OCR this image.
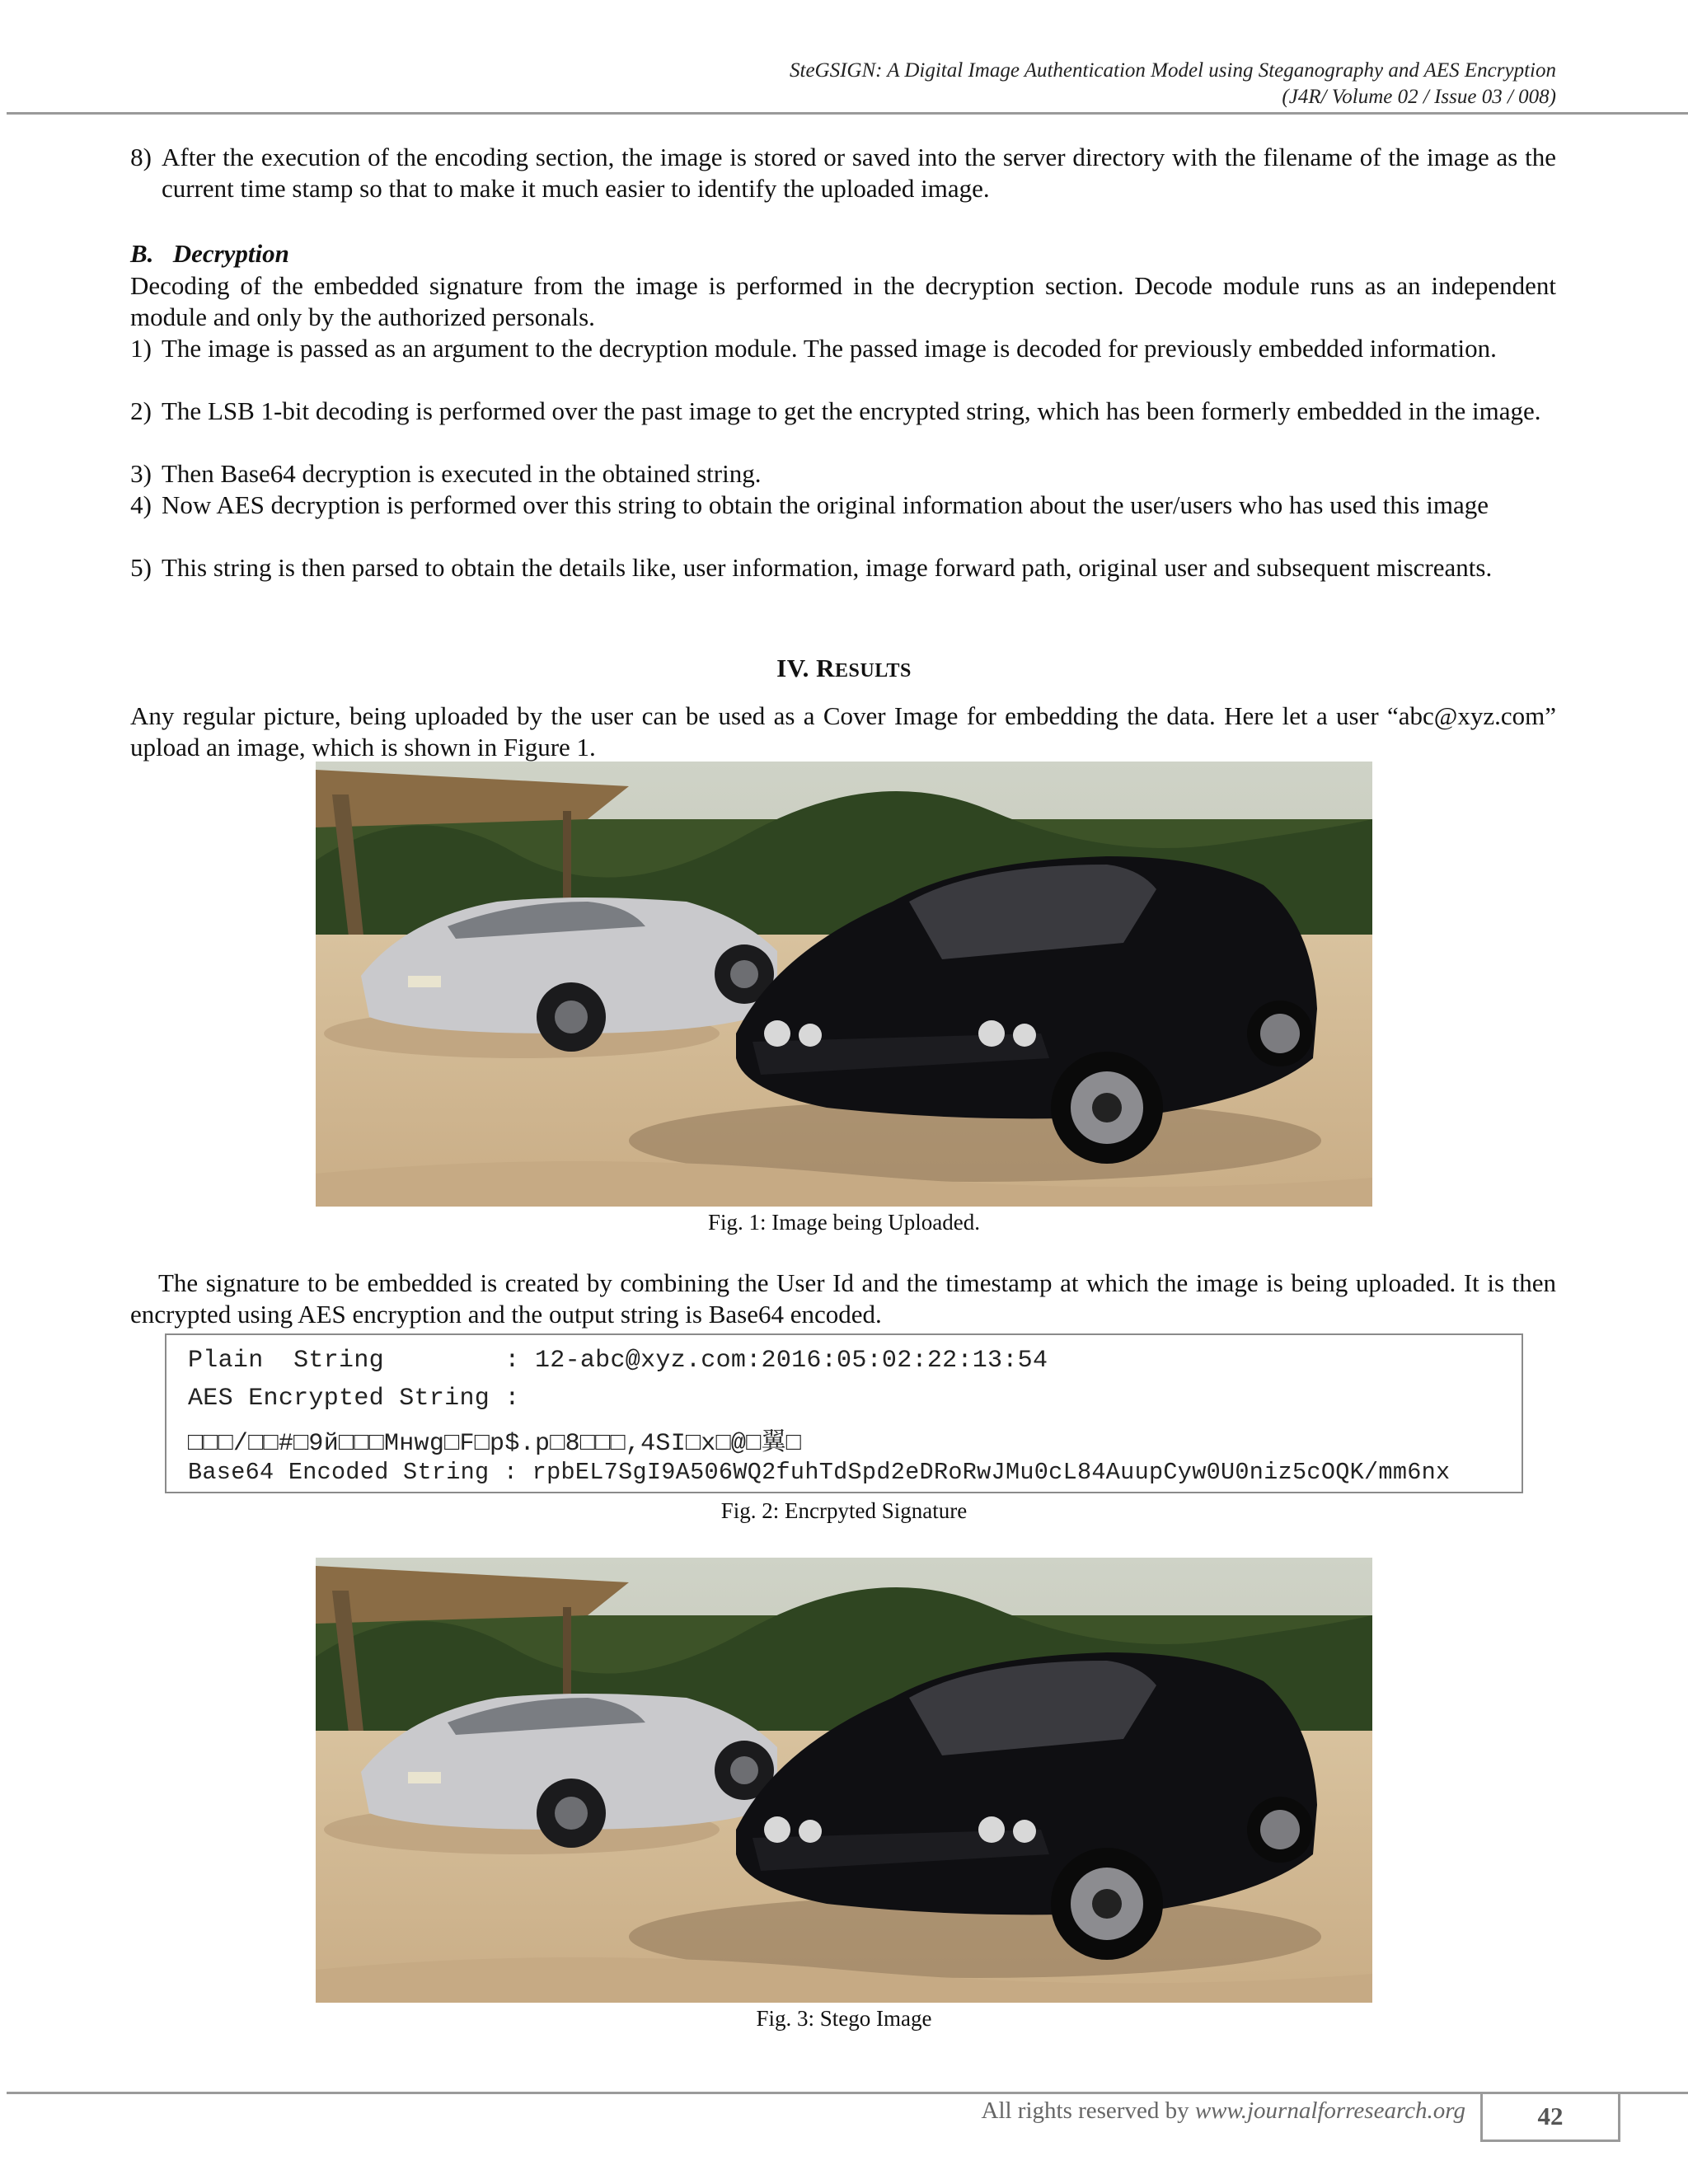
SteGSIGN: A Digital Image Authentication Model using Steganography and AES Encryption
(J4R/ Volume 02 / Issue 03 / 008)
8) After the execution of the encoding section, the image is stored or saved into the server directory with the filename of the image as the current time stamp so that to make it much easier to identify the uploaded image.
B. Decryption
Decoding of the embedded signature from the image is performed in the decryption section. Decode module runs as an independent module and only by the authorized personals.
1) The image is passed as an argument to the decryption module. The passed image is decoded for previously embedded information.
2) The LSB 1-bit decoding is performed over the past image to get the encrypted string, which has been formerly embedded in the image.
3) Then Base64 decryption is executed in the obtained string.
4) Now AES decryption is performed over this string to obtain the original information about the user/users who has used this image
5) This string is then parsed to obtain the details like, user information, image forward path, original user and subsequent miscreants.
IV. RESULTS
Any regular picture, being uploaded by the user can be used as a Cover Image for embedding the data. Here let a user “abc@xyz.com” upload an image, which is shown in Figure 1.
Fig. 1: Image being Uploaded.
The signature to be embedded is created by combining the User Id and the timestamp at which the image is being uploaded. It is then encrypted using AES encryption and the output string is Base64 encoded.
Plain  String        : 12-abc@xyz.com:2016:05:02:22:13:54
AES Encrypted String :
□□□/□□#□9й□□□Mнwg□F□p$.p□8□□□,4SI□x□@□翼□
Base64 Encoded String : rpbEL7SgI9A506WQ2fuhTdSpd2eDRoRwJMu0cL84AuupCyw0U0niz5cOQK/mm6nx
Fig. 2: Encrpyted Signature
Fig. 3: Stego Image
All rights reserved by www.journalforresearch.org	42
